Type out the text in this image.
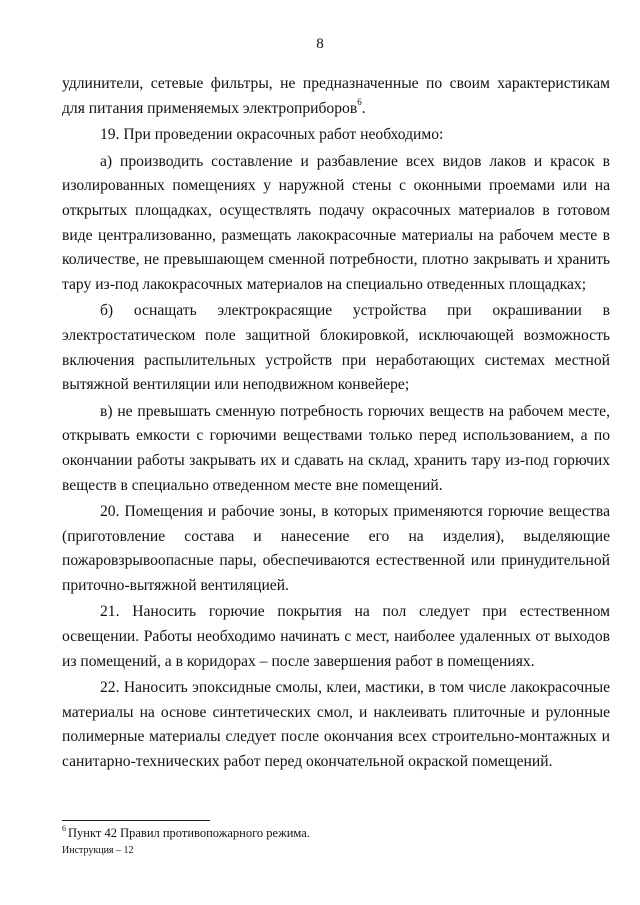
8

удлинители, сетевые фильтры, не предназначенные по своим характеристикам для питания применяемых электроприборов$^6$.

19. При проведении окрасочных работ необходимо:

а) производить составление и разбавление всех видов лаков и красок в изолированных помещениях у наружной стены с оконными проемами или на открытых площадках, осуществлять подачу окрасочных материалов в готовом виде централизованно, размещать лакокрасочные материалы на рабочем месте в количестве, не превышающем сменной потребности, плотно закрывать и хранить тару из-под лакокрасочных материалов на специально отведенных площадках;

б) оснащать электрокрасящие устройства при окрашивании в электростатическом поле защитной блокировкой, исключающей возможность включения распылительных устройств при неработающих системах местной вытяжной вентиляции или неподвижном конвейере;

в) не превышать сменную потребность горючих веществ на рабочем месте, открывать емкости с горючими веществами только перед использованием, а по окончании работы закрывать их и сдавать на склад, хранить тару из-под горючих веществ в специально отведенном месте вне помещений.

20. Помещения и рабочие зоны, в которых применяются горючие вещества (приготовление состава и нанесение его на изделия), выделяющие пожаровзрывоопасные пары, обеспечиваются естественной или принудительной приточно-вытяжной вентиляцией.

21. Наносить горючие покрытия на пол следует при естественном освещении. Работы необходимо начинать с мест, наиболее удаленных от выходов из помещений, а в коридорах – после завершения работ в помещениях.

22. Наносить эпоксидные смолы, клеи, мастики, в том числе лакокрасочные материалы на основе синтетических смол, и наклеивать плиточные и рулонные полимерные материалы следует после окончания всех строительно-монтажных и санитарно-технических работ перед окончательной окраской помещений.

$^6$ Пункт 42 Правил противопожарного режима.
Инструкция – 12
